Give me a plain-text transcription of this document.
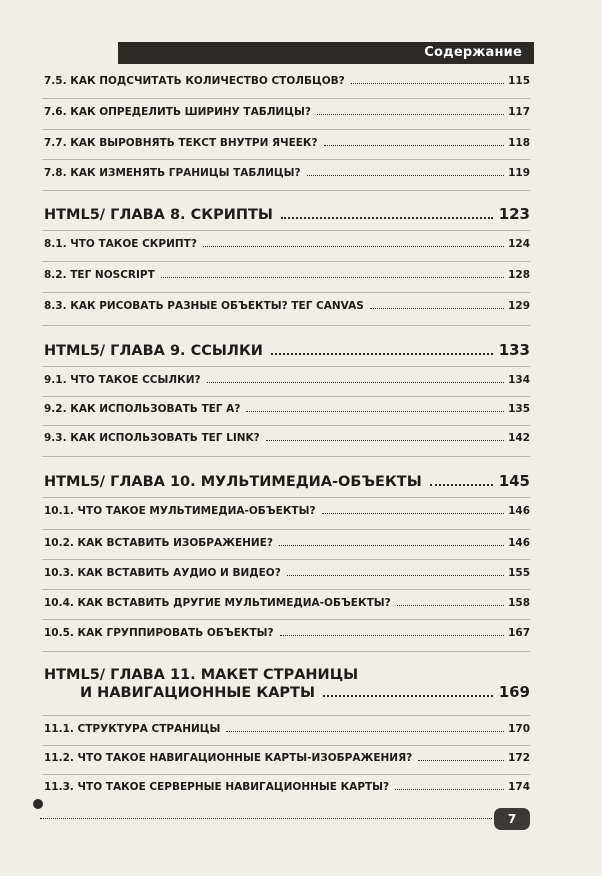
Содержание
7.5. КАК ПОДСЧИТАТЬ КОЛИЧЕСТВО СТОЛБЦОВ?	115
7.6. КАК ОПРЕДЕЛИТЬ ШИРИНУ ТАБЛИЦЫ?	117
7.7. КАК ВЫРОВНЯТЬ ТЕКСТ ВНУТРИ ЯЧЕЕК?	118
7.8. КАК ИЗМЕНЯТЬ ГРАНИЦЫ ТАБЛИЦЫ?	119
HTML5/ ГЛАВА 8. СКРИПТЫ	123
8.1. ЧТО ТАКОЕ СКРИПТ?	124
8.2. ТЕГ NOSCRIPT	128
8.3. КАК РИСОВАТЬ РАЗНЫЕ ОБЪЕКТЫ? ТЕГ CANVAS	129
HTML5/ ГЛАВА 9. ССЫЛКИ	133
9.1. ЧТО ТАКОЕ ССЫЛКИ?	134
9.2. КАК ИСПОЛЬЗОВАТЬ ТЕГ А?	135
9.3. КАК ИСПОЛЬЗОВАТЬ ТЕГ LINK?	142
HTML5/ ГЛАВА 10. МУЛЬТИМЕДИА-ОБЪЕКТЫ	145
10.1. ЧТО ТАКОЕ МУЛЬТИМЕДИА-ОБЪЕКТЫ?	146
10.2. КАК ВСТАВИТЬ ИЗОБРАЖЕНИЕ?	146
10.3. КАК ВСТАВИТЬ АУДИО И ВИДЕО?	155
10.4. КАК ВСТАВИТЬ ДРУГИЕ МУЛЬТИМЕДИА-ОБЪЕКТЫ?	158
10.5. КАК ГРУППИРОВАТЬ ОБЪЕКТЫ?	167
HTML5/ ГЛАВА 11. МАКЕТ СТРАНИЦЫ
И НАВИГАЦИОННЫЕ КАРТЫ	169
11.1. СТРУКТУРА СТРАНИЦЫ	170
11.2. ЧТО ТАКОЕ НАВИГАЦИОННЫЕ КАРТЫ-ИЗОБРАЖЕНИЯ?	172
11.3. ЧТО ТАКОЕ СЕРВЕРНЫЕ НАВИГАЦИОННЫЕ КАРТЫ?	174
7
